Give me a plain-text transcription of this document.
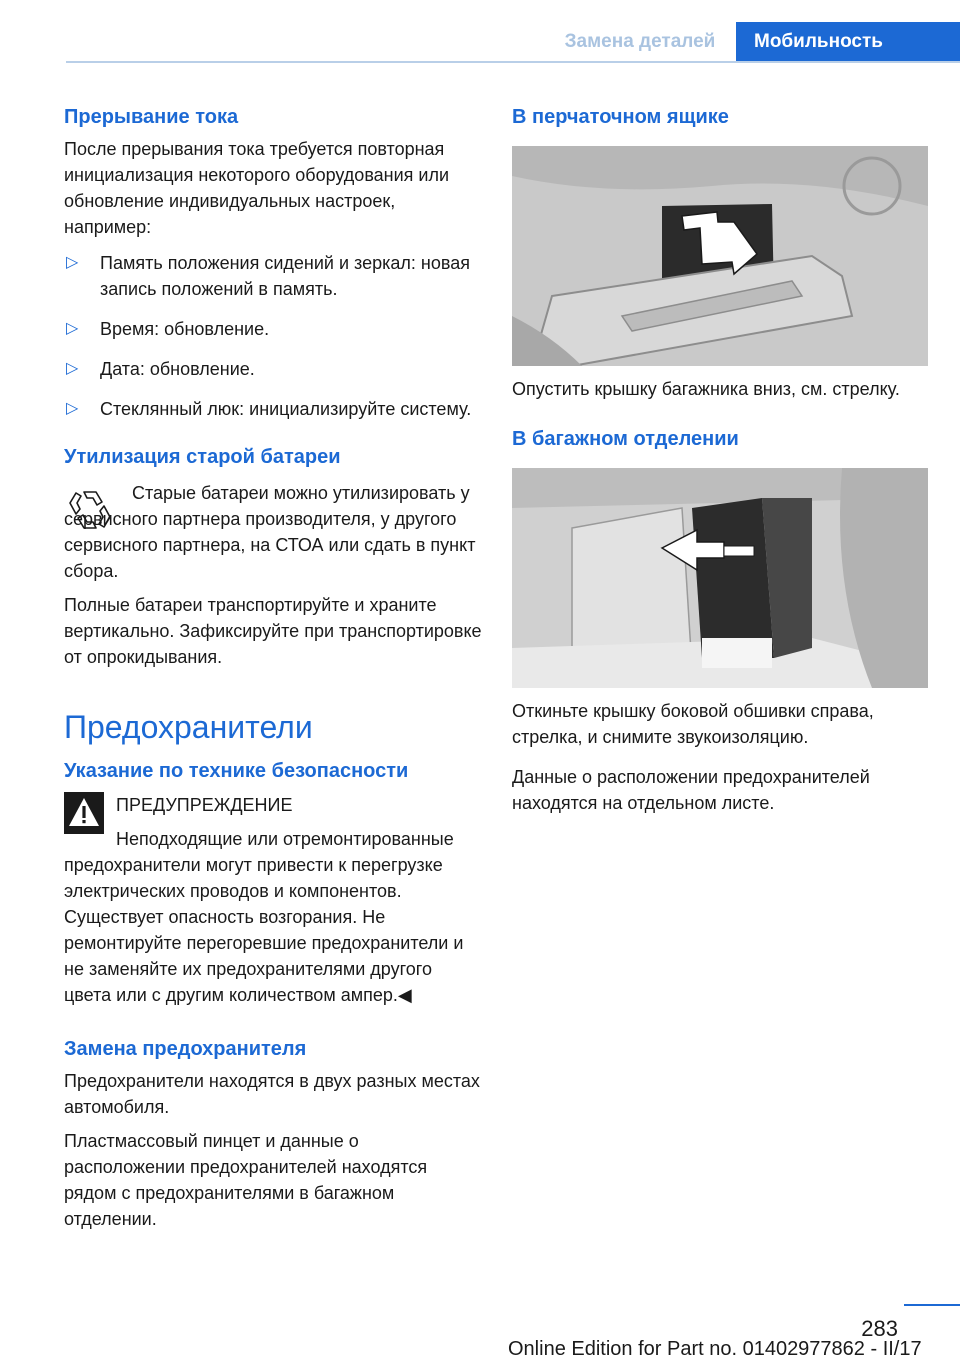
Замена деталей	Мобильность
Прерывание тока
После прерывания тока требуется повторная инициализация некоторого оборудования или обновление индивидуальных настроек, например:
▷ Память положения сидений и зеркал: новая запись положений в память.
▷ Время: обновление.
▷ Дата: обновление.
▷ Стеклянный люк: инициализируйте систему.
Утилизация старой батареи
Старые батареи можно утилизировать у сервисного партнера производителя, у другого сервисного партнера, на СТОА или сдать в пункт сбора.
Полные батареи транспортируйте и храните вертикально. Зафиксируйте при транспортировке от опрокидывания.
Предохранители
Указание по технике безопасности
ПРЕДУПРЕЖДЕНИЕ
Неподходящие или отремонтированные предохранители могут привести к перегрузке электрических проводов и компонентов. Существует опасность возгорания. Не ремонтируйте перегоревшие предохранители и не заменяйте их предохранителями другого цвета или с другим количеством ампер.◀
Замена предохранителя
Предохранители находятся в двух разных местах автомобиля.
Пластмассовый пинцет и данные о расположении предохранителей находятся рядом с предохранителями в багажном отделении.
В перчаточном ящике
Опустить крышку багажника вниз, см. стрелку.
В багажном отделении
Откиньте крышку боковой обшивки справа, стрелка, и снимите звукоизоляцию.
Данные о расположении предохранителей находятся на отдельном листе.
283
Online Edition for Part no. 01402977862 - II/17
